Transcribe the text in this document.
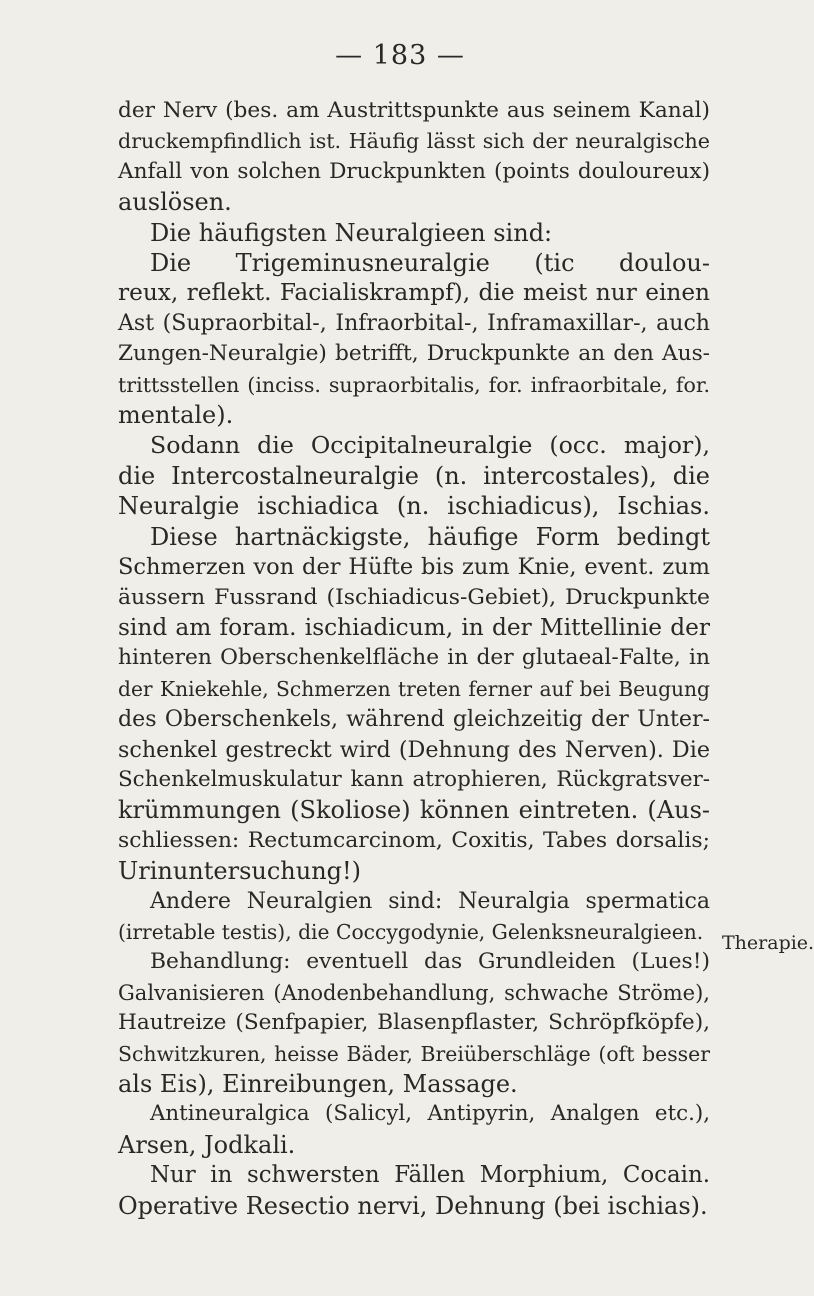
— 183 —
der Nerv (bes. am Austrittspunkte aus seinem Kanal)
druckempfindlich ist. Häufig lässt sich der neuralgische
Anfall von solchen Druckpunkten (points douloureux)
auslösen.
Die häufigsten Neuralgieen sind:
Die Trigeminusneuralgie (tic doulou-
reux, reflekt. Facialiskrampf), die meist nur einen
Ast (Supraorbital-, Infraorbital-, Inframaxillar-, auch
Zungen-Neuralgie) betrifft, Druckpunkte an den Aus-
trittsstellen (inciss. supraorbitalis, for. infraorbitale, for.
mentale).
Sodann die Occipitalneuralgie (occ. major),
die Intercostalneuralgie (n. intercostales), die
Neuralgie ischiadica (n. ischiadicus), Ischias.
Diese hartnäckigste, häufige Form bedingt
Schmerzen von der Hüfte bis zum Knie, event. zum
äussern Fussrand (Ischiadicus-Gebiet), Druckpunkte
sind am foram. ischiadicum, in der Mittellinie der
hinteren Oberschenkelfläche in der glutaeal-Falte, in
der Kniekehle, Schmerzen treten ferner auf bei Beugung
des Oberschenkels, während gleichzeitig der Unter-
schenkel gestreckt wird (Dehnung des Nerven). Die
Schenkelmuskulatur kann atrophieren, Rückgratsver-
krümmungen (Skoliose) können eintreten. (Aus-
schliessen: Rectumcarcinom, Coxitis, Tabes dorsalis;
Urinuntersuchung!)
Andere Neuralgien sind: Neuralgia spermatica
(irretable testis), die Coccygodynie, Gelenksneuralgieen.
Behandlung: eventuell das Grundleiden (Lues!)
Galvanisieren (Anodenbehandlung, schwache Ströme),
Hautreize (Senfpapier, Blasenpflaster, Schröpfköpfe),
Schwitzkuren, heisse Bäder, Breiüberschläge (oft besser
als Eis), Einreibungen, Massage.
Antineuralgica (Salicyl, Antipyrin, Analgen etc.),
Arsen, Jodkali.
Nur in schwersten Fällen Morphium, Cocain.
Operative Resectio nervi, Dehnung (bei ischias).
Therapie.
